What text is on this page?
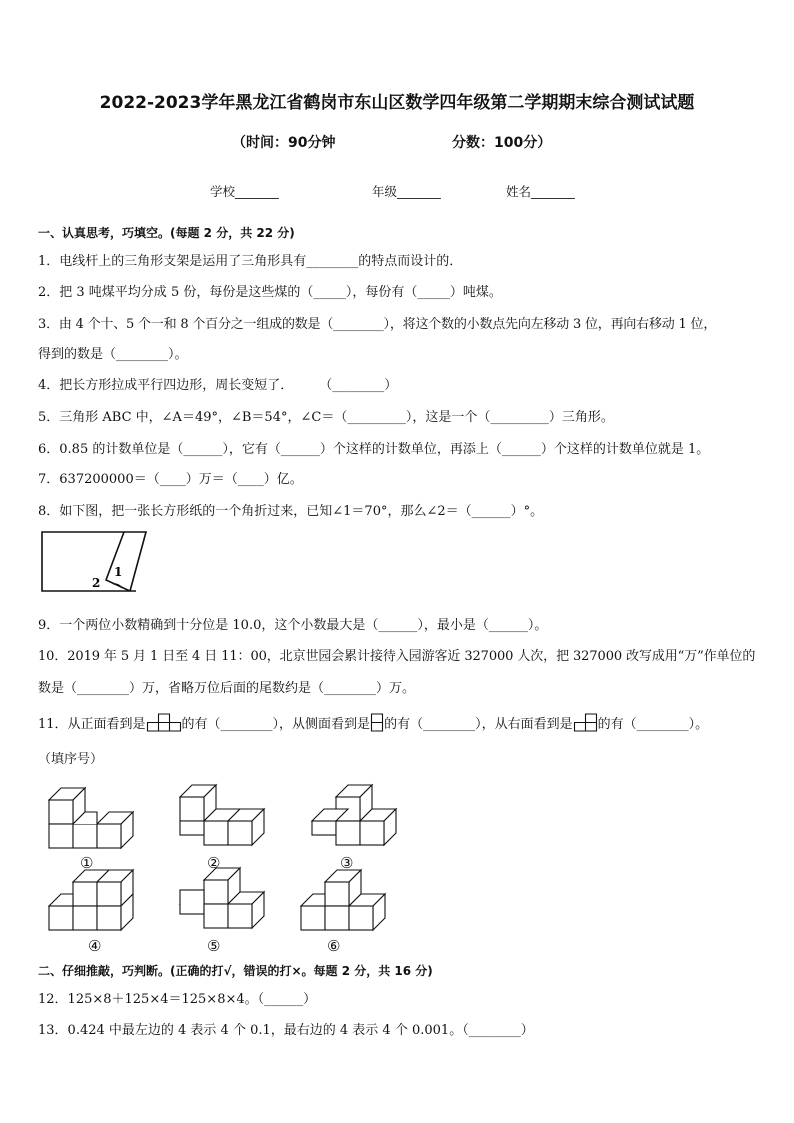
2022-2023学年黑龙江省鹤岗市东山区数学四年级第二学期期末综合测试试题
（时间：90分钟	分数：100分）
学校_______	年级_______	姓名_______
一、认真思考，巧填空。(每题 2 分，共 22 分)
1．电线杆上的三角形支架是运用了三角形具有________的特点而设计的．
2．把 3 吨煤平均分成 5 份，每份是这些煤的（_____），每份有（_____）吨煤。
3．由 4 个十、5 个一和 8 个百分之一组成的数是（________），将这个数的小数点先向左移动 3 位，再向右移动 1 位，
得到的数是（________）。
4．把长方形拉成平行四边形，周长变短了．　　　（________）
5．三角形 ABC 中，∠A＝49°，∠B＝54°，∠C＝（_________），这是一个（_________）三角形。
6．0.85 的计数单位是（______），它有（______）个这样的计数单位，再添上（______）个这样的计数单位就是 1。
7．637200000＝（____）万＝（____）亿。
8．如下图，把一张长方形纸的一个角折过来，已知∠1＝70°，那么∠2＝（______）°。
1
2
9．一个两位小数精确到十分位是 10.0，这个小数最大是（______），最小是（______）。
10．2019 年 5 月 1 日至 4 日 11：00，北京世园会累计接待入园游客近 327000 人次，把 327000 改写成用“万”作单位的
数是（________）万，省略万位后面的尾数约是（________）万。
11．从正面看到是	的有（________），从侧面看到是 的有（________），从右面看到是 的有（________）。
（填序号）
①	②	③
④	⑤	⑥
二、仔细推敲，巧判断。(正确的打√，错误的打×。每题 2 分，共 16 分)
12．125×8＋125×4＝125×8×4。（______）
13．0.424 中最左边的 4 表示 4 个 0.1，最右边的 4 表示 4 个 0.001。（________）
